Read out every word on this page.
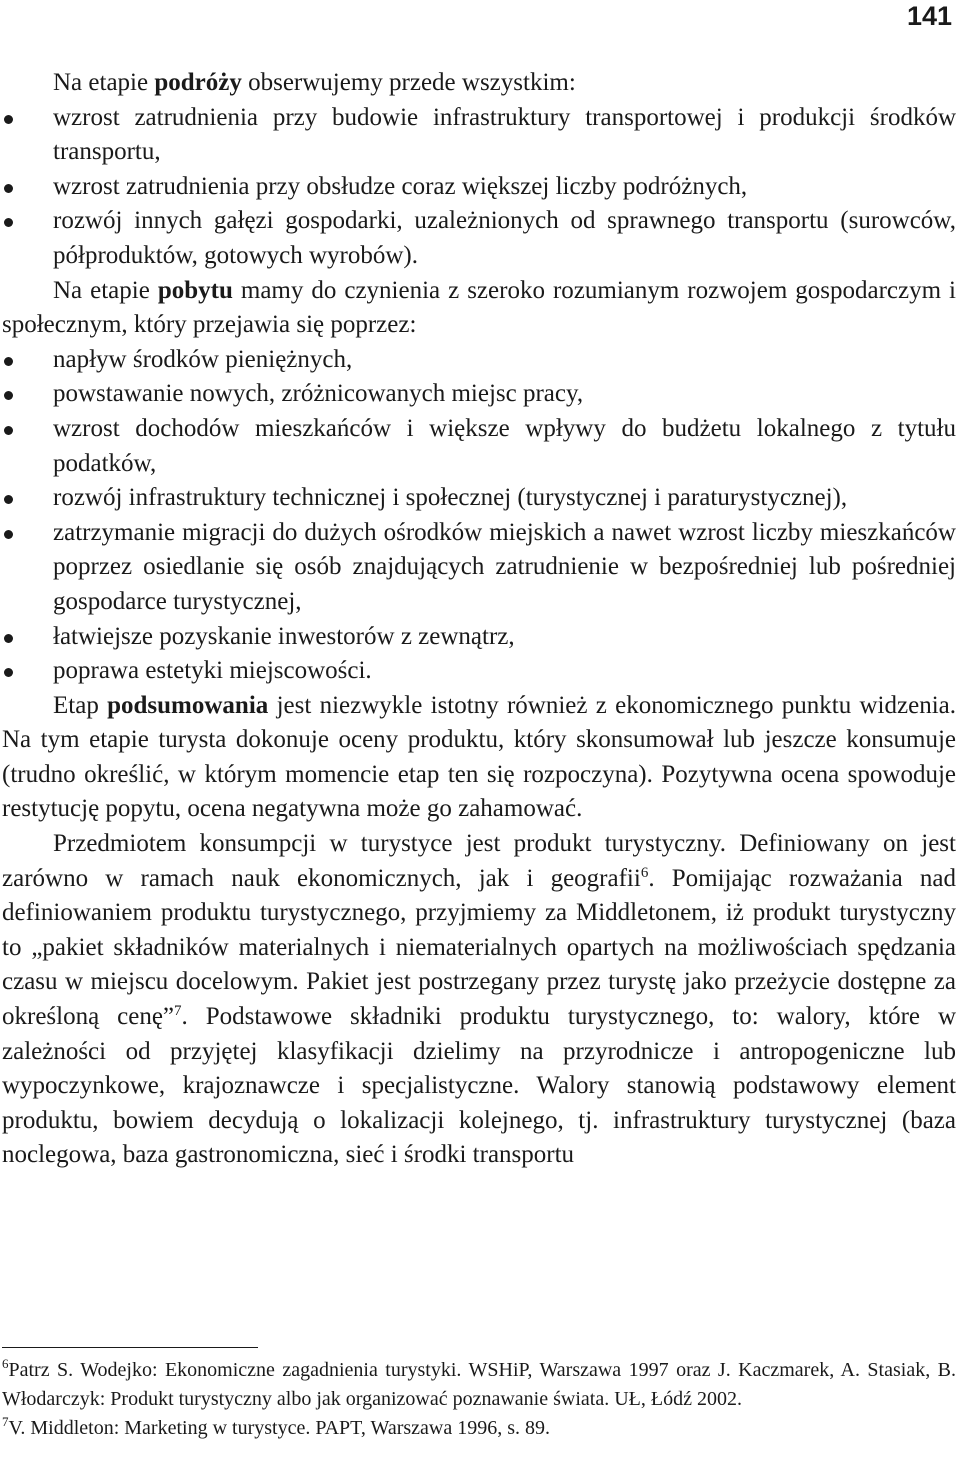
141

Na etapie podróży obserwujemy przede wszystkim:

wzrost zatrudnienia przy budowie infrastruktury transportowej i produkcji środków transportu,
wzrost zatrudnienia przy obsłudze coraz większej liczby podróżnych,
rozwój innych gałęzi gospodarki, uzależnionych od sprawnego transportu (surowców, półproduktów, gotowych wyrobów).

Na etapie pobytu mamy do czynienia z szeroko rozumianym rozwojem gospodarczym i społecznym, który przejawia się poprzez:

napływ środków pieniężnych,
powstawanie nowych, zróżnicowanych miejsc pracy,
wzrost dochodów mieszkańców i większe wpływy do budżetu lokalnego z tytułu podatków,
rozwój infrastruktury technicznej i społecznej (turystycznej i paraturystycznej),
zatrzymanie migracji do dużych ośrodków miejskich a nawet wzrost liczby mieszkańców poprzez osiedlanie się osób znajdujących zatrudnienie w bezpośredniej lub pośredniej gospodarce turystycznej,
łatwiejsze pozyskanie inwestorów z zewnątrz,
poprawa estetyki miejscowości.

Etap podsumowania jest niezwykle istotny również z ekonomicznego punktu widzenia. Na tym etapie turysta dokonuje oceny produktu, który skonsumował lub jeszcze konsumuje (trudno określić, w którym momencie etap ten się rozpoczyna). Pozytywna ocena spowoduje restytucję popytu, ocena negatywna może go zahamować.

Przedmiotem konsumpcji w turystyce jest produkt turystyczny. Definiowany on jest zarówno w ramach nauk ekonomicznych, jak i geografii$^6$. Pomijając rozważania nad definiowaniem produktu turystycznego, przyjmiemy za Middletonem, iż produkt turystyczny to „pakiet składników materialnych i niematerialnych opartych na możliwościach spędzania czasu w miejscu docelowym. Pakiet jest postrzegany przez turystę jako przeżycie dostępne za określoną cenę”$^7$. Podstawowe składniki produktu turystycznego, to: walory, które w zależności od przyjętej klasyfikacji dzielimy na przyrodnicze i antropogeniczne lub wypoczynkowe, krajoznawcze i specjalistyczne. Walory stanowią podstawowy element produktu, bowiem decydują o lokalizacji kolejnego, tj. infrastruktury turystycznej (baza noclegowa, baza gastronomiczna, sieć i środki transportu

$^6$Patrz S. Wodejko: Ekonomiczne zagadnienia turystyki. WSHiP, Warszawa 1997 oraz J. Kaczmarek, A. Stasiak, B. Włodarczyk: Produkt turystyczny albo jak organizować poznawanie świata. UŁ, Łódź 2002.

$^7$V. Middleton: Marketing w turystyce. PAPT, Warszawa 1996, s. 89.
